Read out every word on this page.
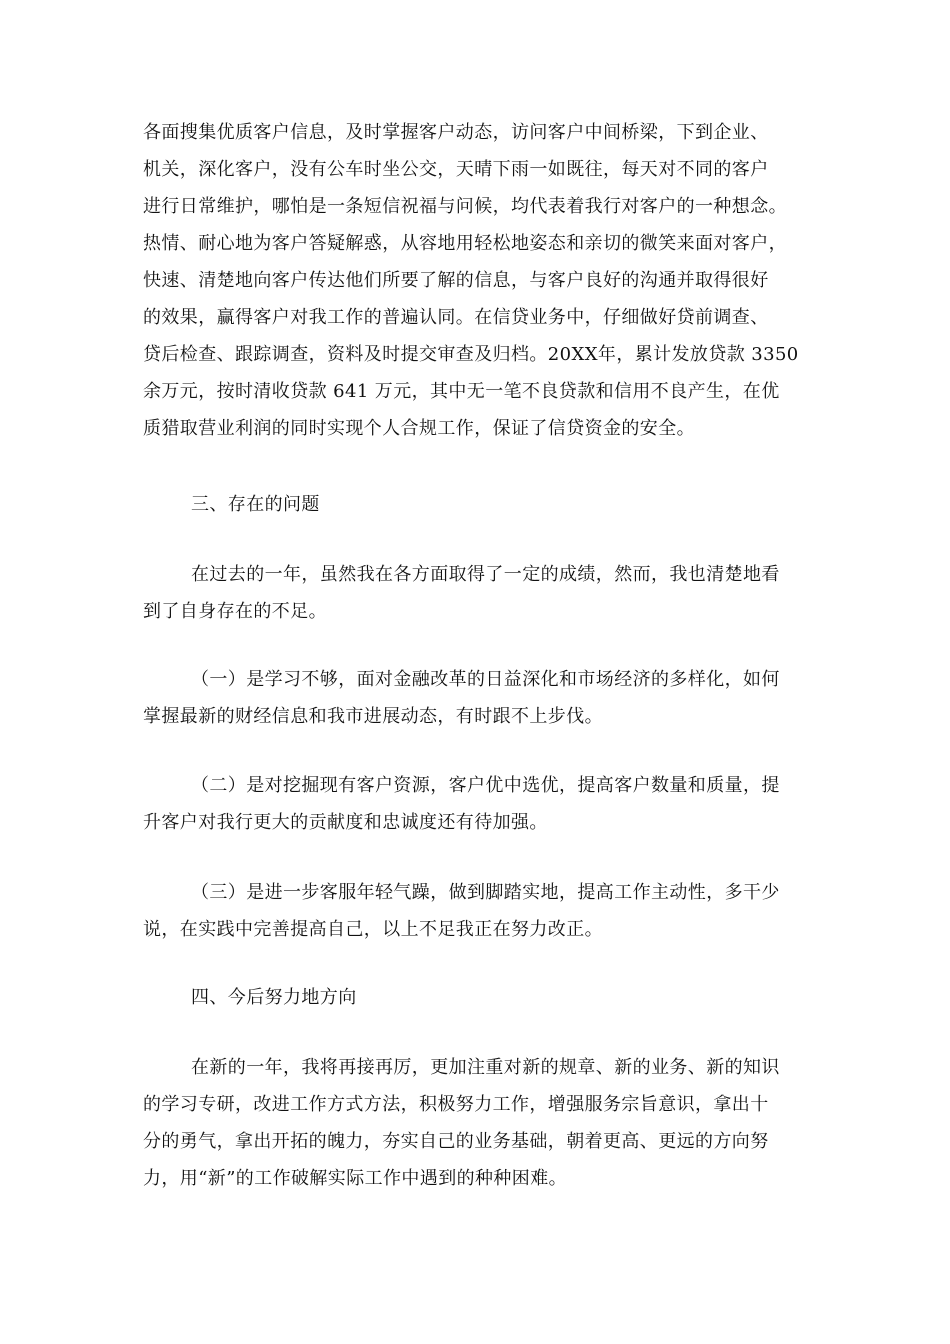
各面搜集优质客户信息，及时掌握客户动态，访问客户中间桥梁，下到企业、
机关，深化客户，没有公车时坐公交，天晴下雨一如既往，每天对不同的客户
进行日常维护，哪怕是一条短信祝福与问候，均代表着我行对客户的一种想念。
热情、耐心地为客户答疑解惑，从容地用轻松地姿态和亲切的微笑来面对客户，
快速、清楚地向客户传达他们所要了解的信息，与客户良好的沟通并取得很好
的效果，赢得客户对我工作的普遍认同。在信贷业务中，仔细做好贷前调查、
贷后检查、跟踪调查，资料及时提交审查及归档。20XX年，累计发放贷款 3350
余万元，按时清收贷款 641 万元，其中无一笔不良贷款和信用不良产生，在优
质猎取营业利润的同时实现个人合规工作，保证了信贷资金的安全。
三、存在的问题
在过去的一年，虽然我在各方面取得了一定的成绩，然而，我也清楚地看
到了自身存在的不足。
（一）是学习不够，面对金融改革的日益深化和市场经济的多样化，如何
掌握最新的财经信息和我市进展动态，有时跟不上步伐。
（二）是对挖掘现有客户资源，客户优中选优，提高客户数量和质量，提
升客户对我行更大的贡献度和忠诚度还有待加强。
（三）是进一步客服年轻气躁，做到脚踏实地，提高工作主动性，多干少
说，在实践中完善提高自己，以上不足我正在努力改正。
四、今后努力地方向
在新的一年，我将再接再厉，更加注重对新的规章、新的业务、新的知识
的学习专研，改进工作方式方法，积极努力工作，增强服务宗旨意识，拿出十
分的勇气，拿出开拓的魄力，夯实自己的业务基础，朝着更高、更远的方向努
力，用“新”的工作破解实际工作中遇到的种种困难。
